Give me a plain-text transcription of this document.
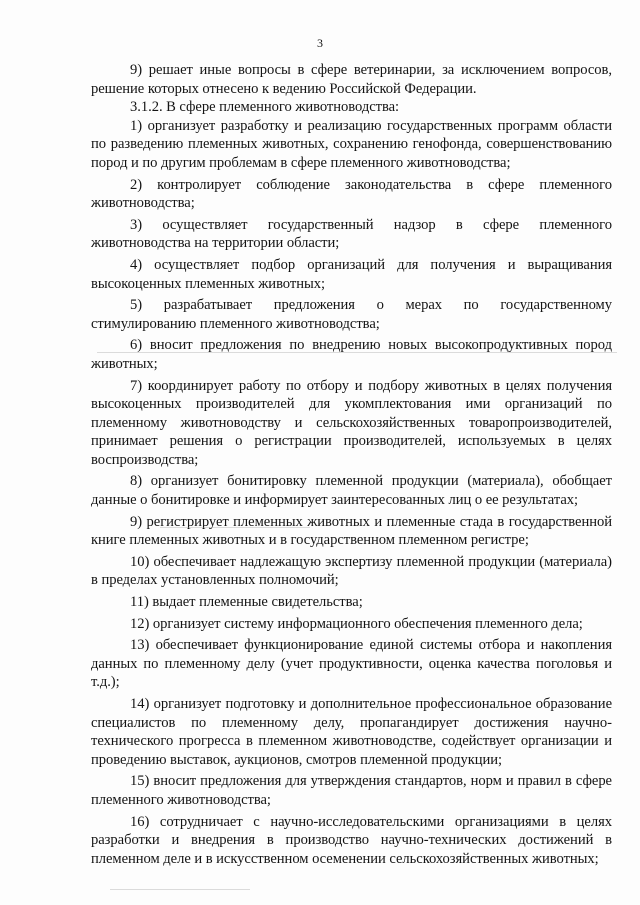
3

9) решает иные вопросы в сфере ветеринарии, за исключением вопросов, решение которых отнесено к ведению Российской Федерации.

3.1.2. В сфере племенного животноводства:

1) организует разработку и реализацию государственных программ области по разведению племенных животных, сохранению генофонда, совершенствованию пород и по другим проблемам в сфере племенного животноводства;

2) контролирует соблюдение законодательства в сфере племенного животноводства;

3) осуществляет государственный надзор в сфере племенного животноводства на территории области;

4) осуществляет подбор организаций для получения и выращивания высокоценных племенных животных;

5) разрабатывает предложения о мерах по государственному стимулированию племенного животноводства;

6) вносит предложения по внедрению новых высокопродуктивных пород животных;

7) координирует работу по отбору и подбору животных в целях получения высокоценных производителей для укомплектования ими организаций по племенному животноводству и сельскохозяйственных товаропроизводителей, принимает решения о регистрации производителей, используемых в целях воспроизводства;

8) организует бонитировку племенной продукции (материала), обобщает данные о бонитировке и информирует заинтересованных лиц о ее результатах;

9) регистрирует племенных животных и племенные стада в государственной книге племенных животных и в государственном племенном регистре;

10) обеспечивает надлежащую экспертизу племенной продукции (материала) в пределах установленных полномочий;

11) выдает племенные свидетельства;

12) организует систему информационного обеспечения племенного дела;

13) обеспечивает функционирование единой системы отбора и накопления данных по племенному делу (учет продуктивности, оценка качества поголовья и т.д.);

14) организует подготовку и дополнительное профессиональное образование специалистов по племенному делу, пропагандирует достижения научно-технического прогресса в племенном животноводстве, содействует организации и проведению выставок, аукционов, смотров племенной продукции;

15) вносит предложения для утверждения стандартов, норм и правил в сфере племенного животноводства;

16) сотрудничает с научно-исследовательскими организациями в целях разработки и внедрения в производство научно-технических достижений в племенном деле и в искусственном осеменении сельскохозяйственных животных;
